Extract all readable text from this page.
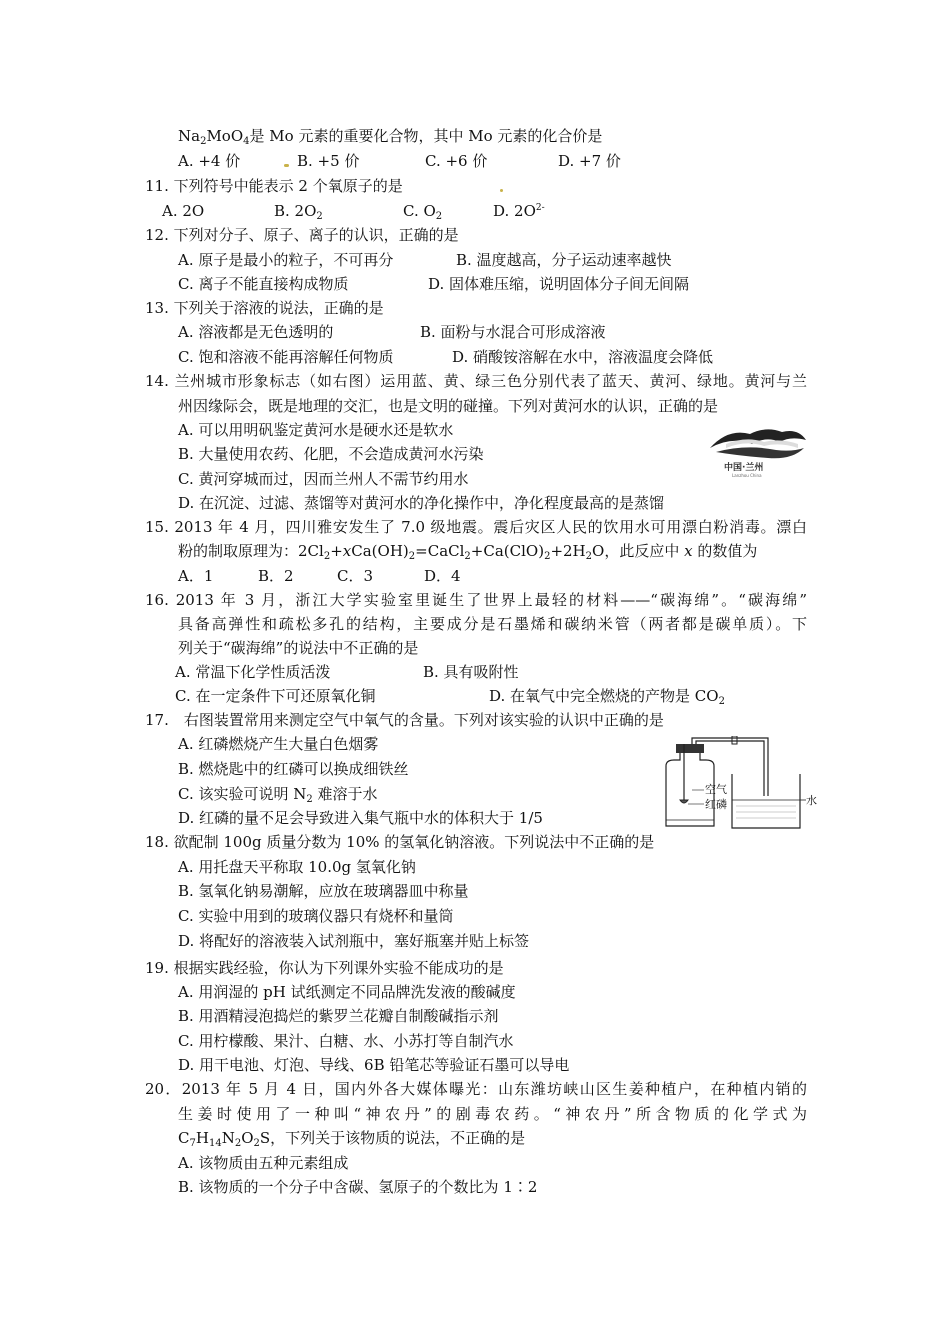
$Na_2MoO_4$是 Mo 元素的重要化合物，其中 Mo 元素的化合价是
A. +4 价	B. +5 价	C. +6 价	D. +7 价
11. 下列符号中能表示 2 个氧原子的是
A. 2O	B. $2O_2$	C. $O_2$	D. $2O^{2-}$
12. 下列对分子、原子、离子的认识，正确的是
A. 原子是最小的粒子，不可再分	B. 温度越高，分子运动速率越快
C. 离子不能直接构成物质	D. 固体难压缩，说明固体分子间无间隔
13. 下列关于溶液的说法，正确的是
A. 溶液都是无色透明的	B. 面粉与水混合可形成溶液
C. 饱和溶液不能再溶解任何物质	D. 硝酸铵溶解在水中，溶液温度会降低
14. 兰州城市形象标志（如右图）运用蓝、黄、绿三色分别代表了蓝天、黄河、绿地。黄河与兰
州因缘际会，既是地理的交汇，也是文明的碰撞。下列对黄河水的认识，正确的是
A. 可以用明矾鉴定黄河水是硬水还是软水
B. 大量使用农药、化肥，不会造成黄河水污染
C. 黄河穿城而过，因而兰州人不需节约用水
D. 在沉淀、过滤、蒸馏等对黄河水的净化操作中，净化程度最高的是蒸馏
中国·兰州
Lanzhou China
15. 2013 年 4 月，四川雅安发生了 7.0 级地震。震后灾区人民的饮用水可用漂白粉消毒。漂白
粉的制取原理为：$2Cl_2+xCa(OH)_2=CaCl_2+Ca(ClO)_2+2H_2O$，此反应中 x 的数值为
A．1	B．2	C．3	D．4
16. 2013 年 3 月，浙江大学实验室里诞生了世界上最轻的材料——“碳海绵”。“碳海绵”
具备高弹性和疏松多孔的结构，主要成分是石墨烯和碳纳米管（两者都是碳单质）。下
列关于“碳海绵”的说法中不正确的是
A. 常温下化学性质活泼	B. 具有吸附性
C. 在一定条件下可还原氧化铜	D. 在氧气中完全燃烧的产物是 $CO_2$
17.　右图装置常用来测定空气中氧气的含量。下列对该实验的认识中正确的是
A. 红磷燃烧产生大量白色烟雾
B. 燃烧匙中的红磷可以换成细铁丝
C. 该实验可说明 $N_2$ 难溶于水
D. 红磷的量不足会导致进入集气瓶中水的体积大于 1/5
空气
红磷	水
18. 欲配制 100g 质量分数为 10% 的氢氧化钠溶液。下列说法中不正确的是
A. 用托盘天平称取 10.0g 氢氧化钠
B. 氢氧化钠易潮解，应放在玻璃器皿中称量
C. 实验中用到的玻璃仪器只有烧杯和量筒
D. 将配好的溶液装入试剂瓶中，塞好瓶塞并贴上标签
19. 根据实践经验，你认为下列课外实验不能成功的是
A. 用润湿的 pH 试纸测定不同品牌洗发液的酸碱度
B. 用酒精浸泡捣烂的紫罗兰花瓣自制酸碱指示剂
C. 用柠檬酸、果汁、白糖、水、小苏打等自制汽水
D. 用干电池、灯泡、导线、6B 铅笔芯等验证石墨可以导电
20．2013 年 5 月 4 日，国内外各大媒体曝光：山东潍坊峡山区生姜种植户，在种植内销的
生姜时使用了一种叫“神农丹”的剧毒农药。“神农丹”所含物质的化学式为
$C_7H_{14}N_2O_2S$，下列关于该物质的说法，不正确的是
A. 该物质由五种元素组成
B. 该物质的一个分子中含碳、氢原子的个数比为 1∶2
